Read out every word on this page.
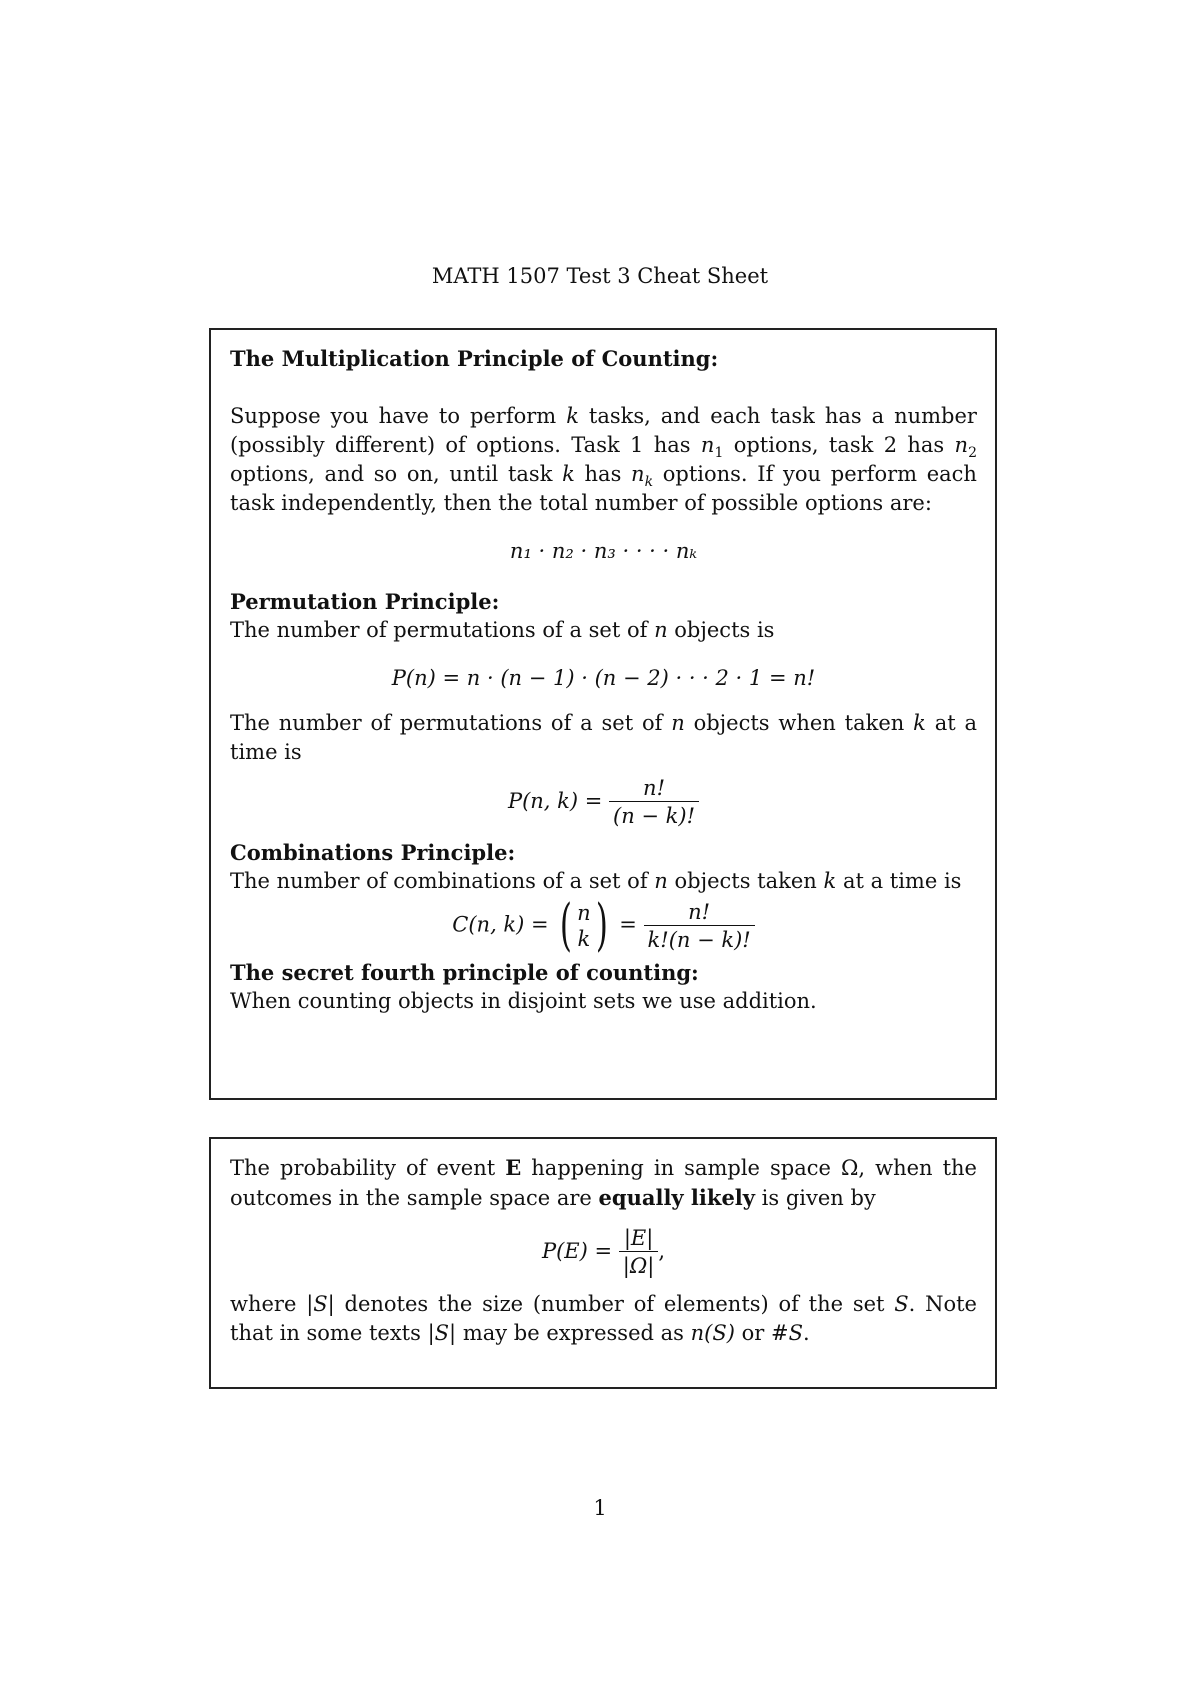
MATH 1507 Test 3 Cheat Sheet
The Multiplication Principle of Counting:

Suppose you have to perform k tasks, and each task has a number (possibly different) of options. Task 1 has $n_1$ options, task 2 has $n_2$ options, and so on, until task k has $n_k$ options. If you perform each task independently, then the total number of possible options are:

n₁ · n₂ · n₃ · · · · nₖ

Permutation Principle:

The number of permutations of a set of n objects is

P(n) = n · (n − 1) · (n − 2) · · · 2 · 1 = n!

The number of permutations of a set of n objects when taken k at a time is

P(n, $k) = \frac{n!}{(n - k)!}$
Combinations Principle:

The number of combinations of a set of n objects taken k at a time is

C(n, k) = ( n
k ) = $\frac{n!}{k!(n - k)!}$
The secret fourth principle of counting:

When counting objects in disjoint sets we use addition.

The probability of event E happening in sample space Ω, when the outcomes in the sample space are equally likely is given by

$P(E) = \frac{|E|}{|\Omega|}$ ,

where |S| denotes the size (number of elements) of the set S. Note that in some texts |S| may be expressed as n(S) or #S.

1
